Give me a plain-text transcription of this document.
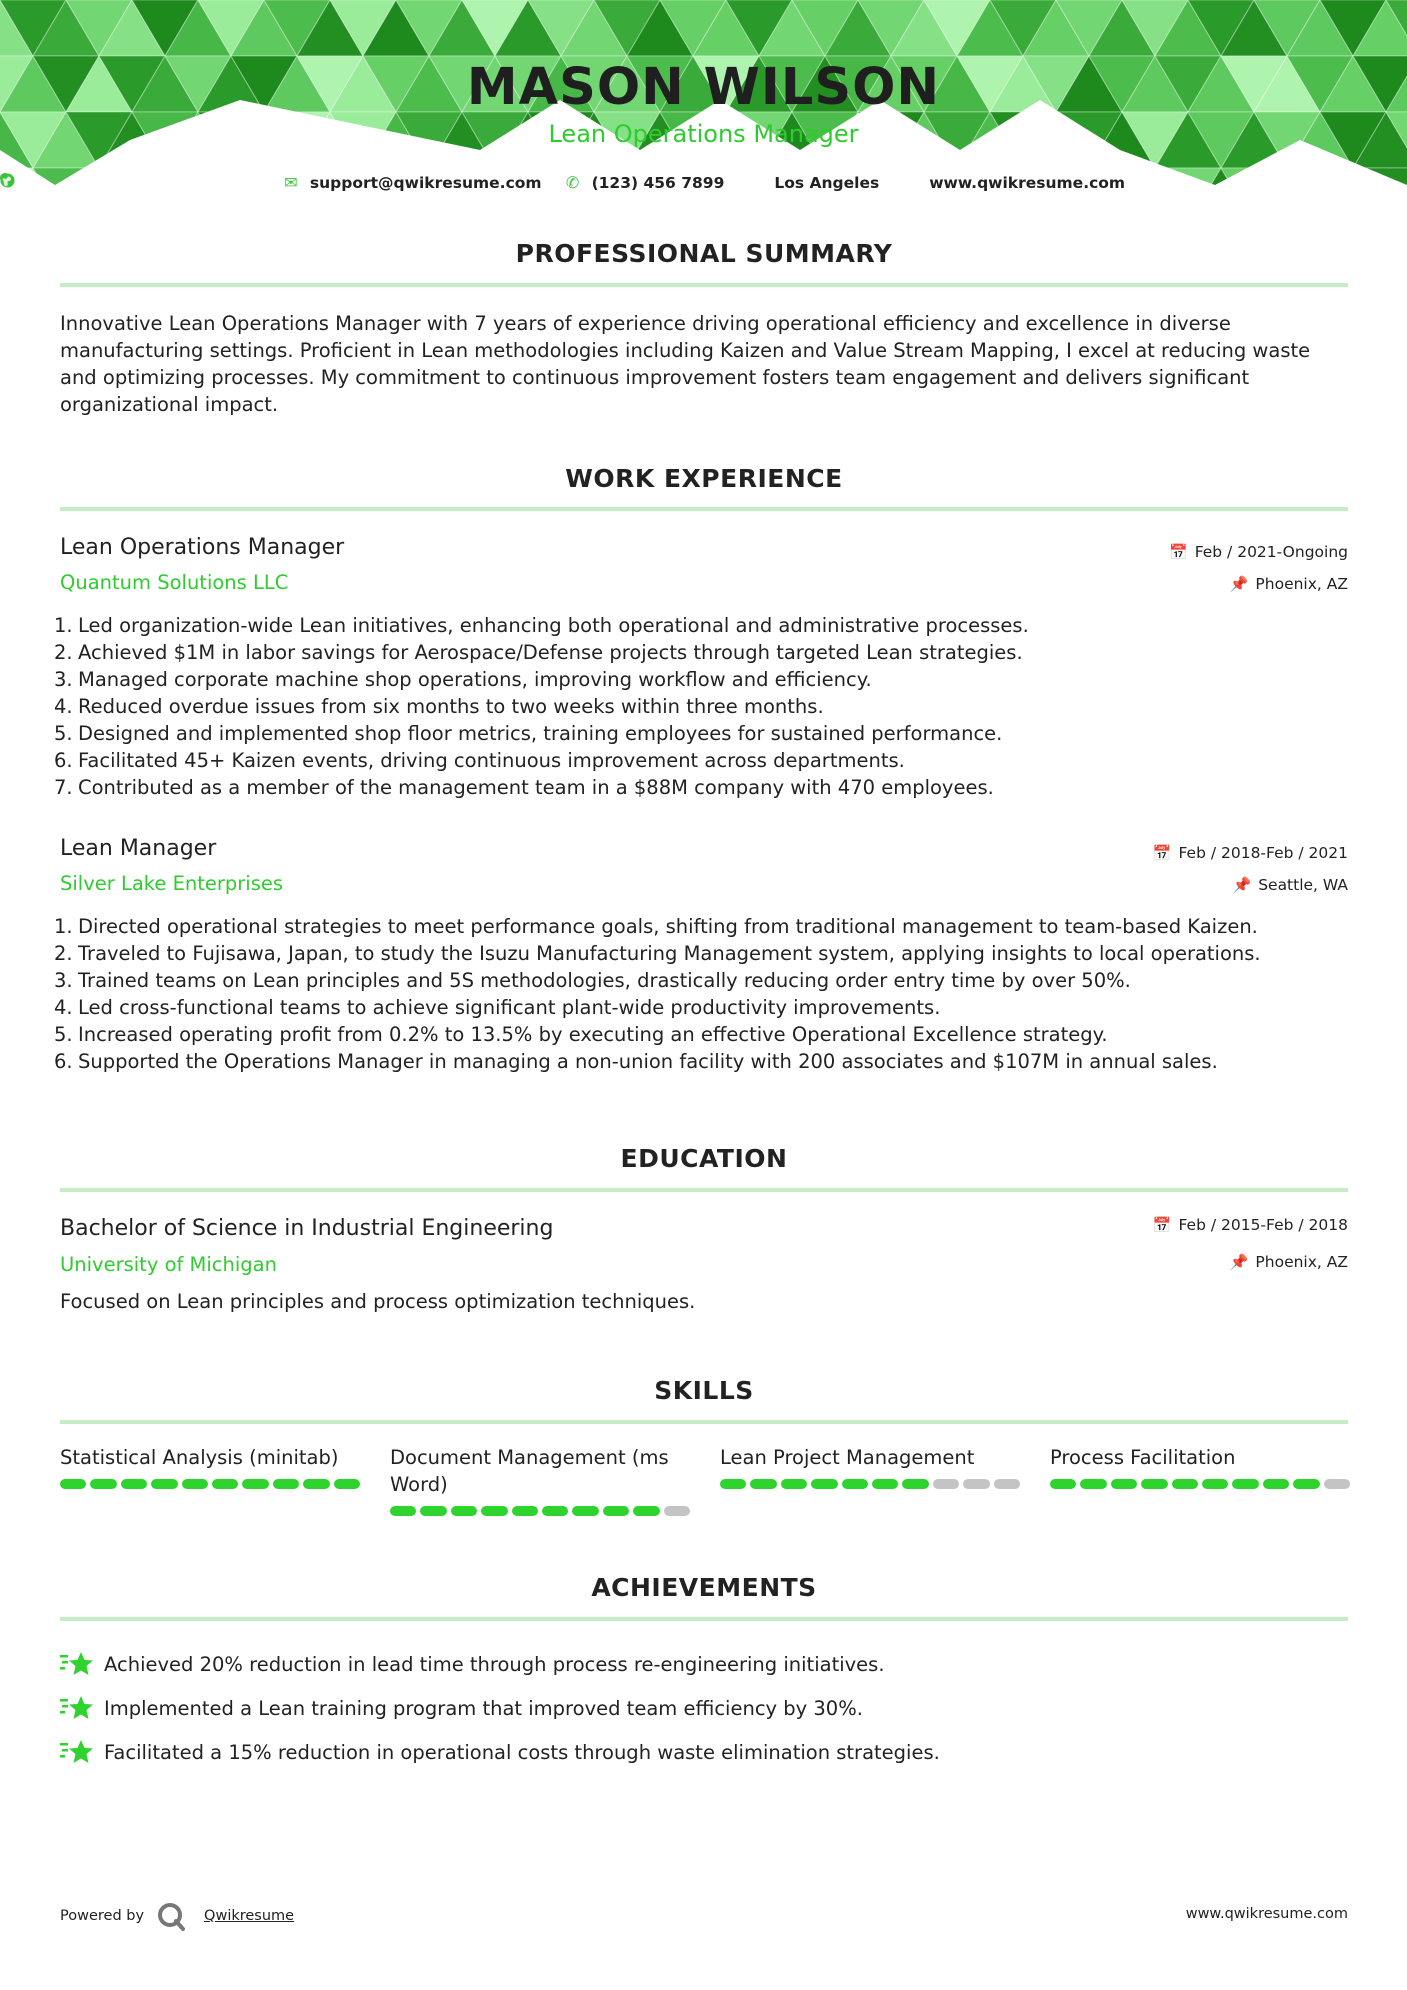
MASON WILSON
Lean Operations Manager
✉ support@qwikresume.com ✆ (123) 456 7899	Los Angeles	www.qwikresume.com
PROFESSIONAL SUMMARY
Innovative Lean Operations Manager with 7 years of experience driving operational efficiency and excellence in diverse manufacturing settings. Proficient in Lean methodologies including Kaizen and Value Stream Mapping, I excel at reducing waste and optimizing processes. My commitment to continuous improvement fosters team engagement and delivers significant organizational impact.
WORK EXPERIENCE
Lean Operations Manager
Quantum Solutions LLC
📅 Feb / 2021-Ongoing
📌 Phoenix, AZ
Led organization-wide Lean initiatives, enhancing both operational and administrative processes.
Achieved $1M in labor savings for Aerospace/Defense projects through targeted Lean strategies.
Managed corporate machine shop operations, improving workflow and efficiency.
Reduced overdue issues from six months to two weeks within three months.
Designed and implemented shop floor metrics, training employees for sustained performance.
Facilitated 45+ Kaizen events, driving continuous improvement across departments.
Contributed as a member of the management team in a $88M company with 470 employees.
Lean Manager
Silver Lake Enterprises
📅 Feb / 2018-Feb / 2021
📌 Seattle, WA
Directed operational strategies to meet performance goals, shifting from traditional management to team-based Kaizen.
Traveled to Fujisawa, Japan, to study the Isuzu Manufacturing Management system, applying insights to local operations.
Trained teams on Lean principles and 5S methodologies, drastically reducing order entry time by over 50%.
Led cross-functional teams to achieve significant plant-wide productivity improvements.
Increased operating profit from 0.2% to 13.5% by executing an effective Operational Excellence strategy.
Supported the Operations Manager in managing a non-union facility with 200 associates and $107M in annual sales.
EDUCATION
Bachelor of Science in Industrial Engineering
University of Michigan
📅 Feb / 2015-Feb / 2018
📌 Phoenix, AZ
Focused on Lean principles and process optimization techniques.
SKILLS
Statistical Analysis (minitab)	Document Management (ms Word)
Lean Project Management	Process Facilitation
ACHIEVEMENTS
Achieved 20% reduction in lead time through process re-engineering initiatives.
Implemented a Lean training program that improved team efficiency by 30%.
Facilitated a 15% reduction in operational costs through waste elimination strategies.
Powered by	Qwikresume	www.qwikresume.com
